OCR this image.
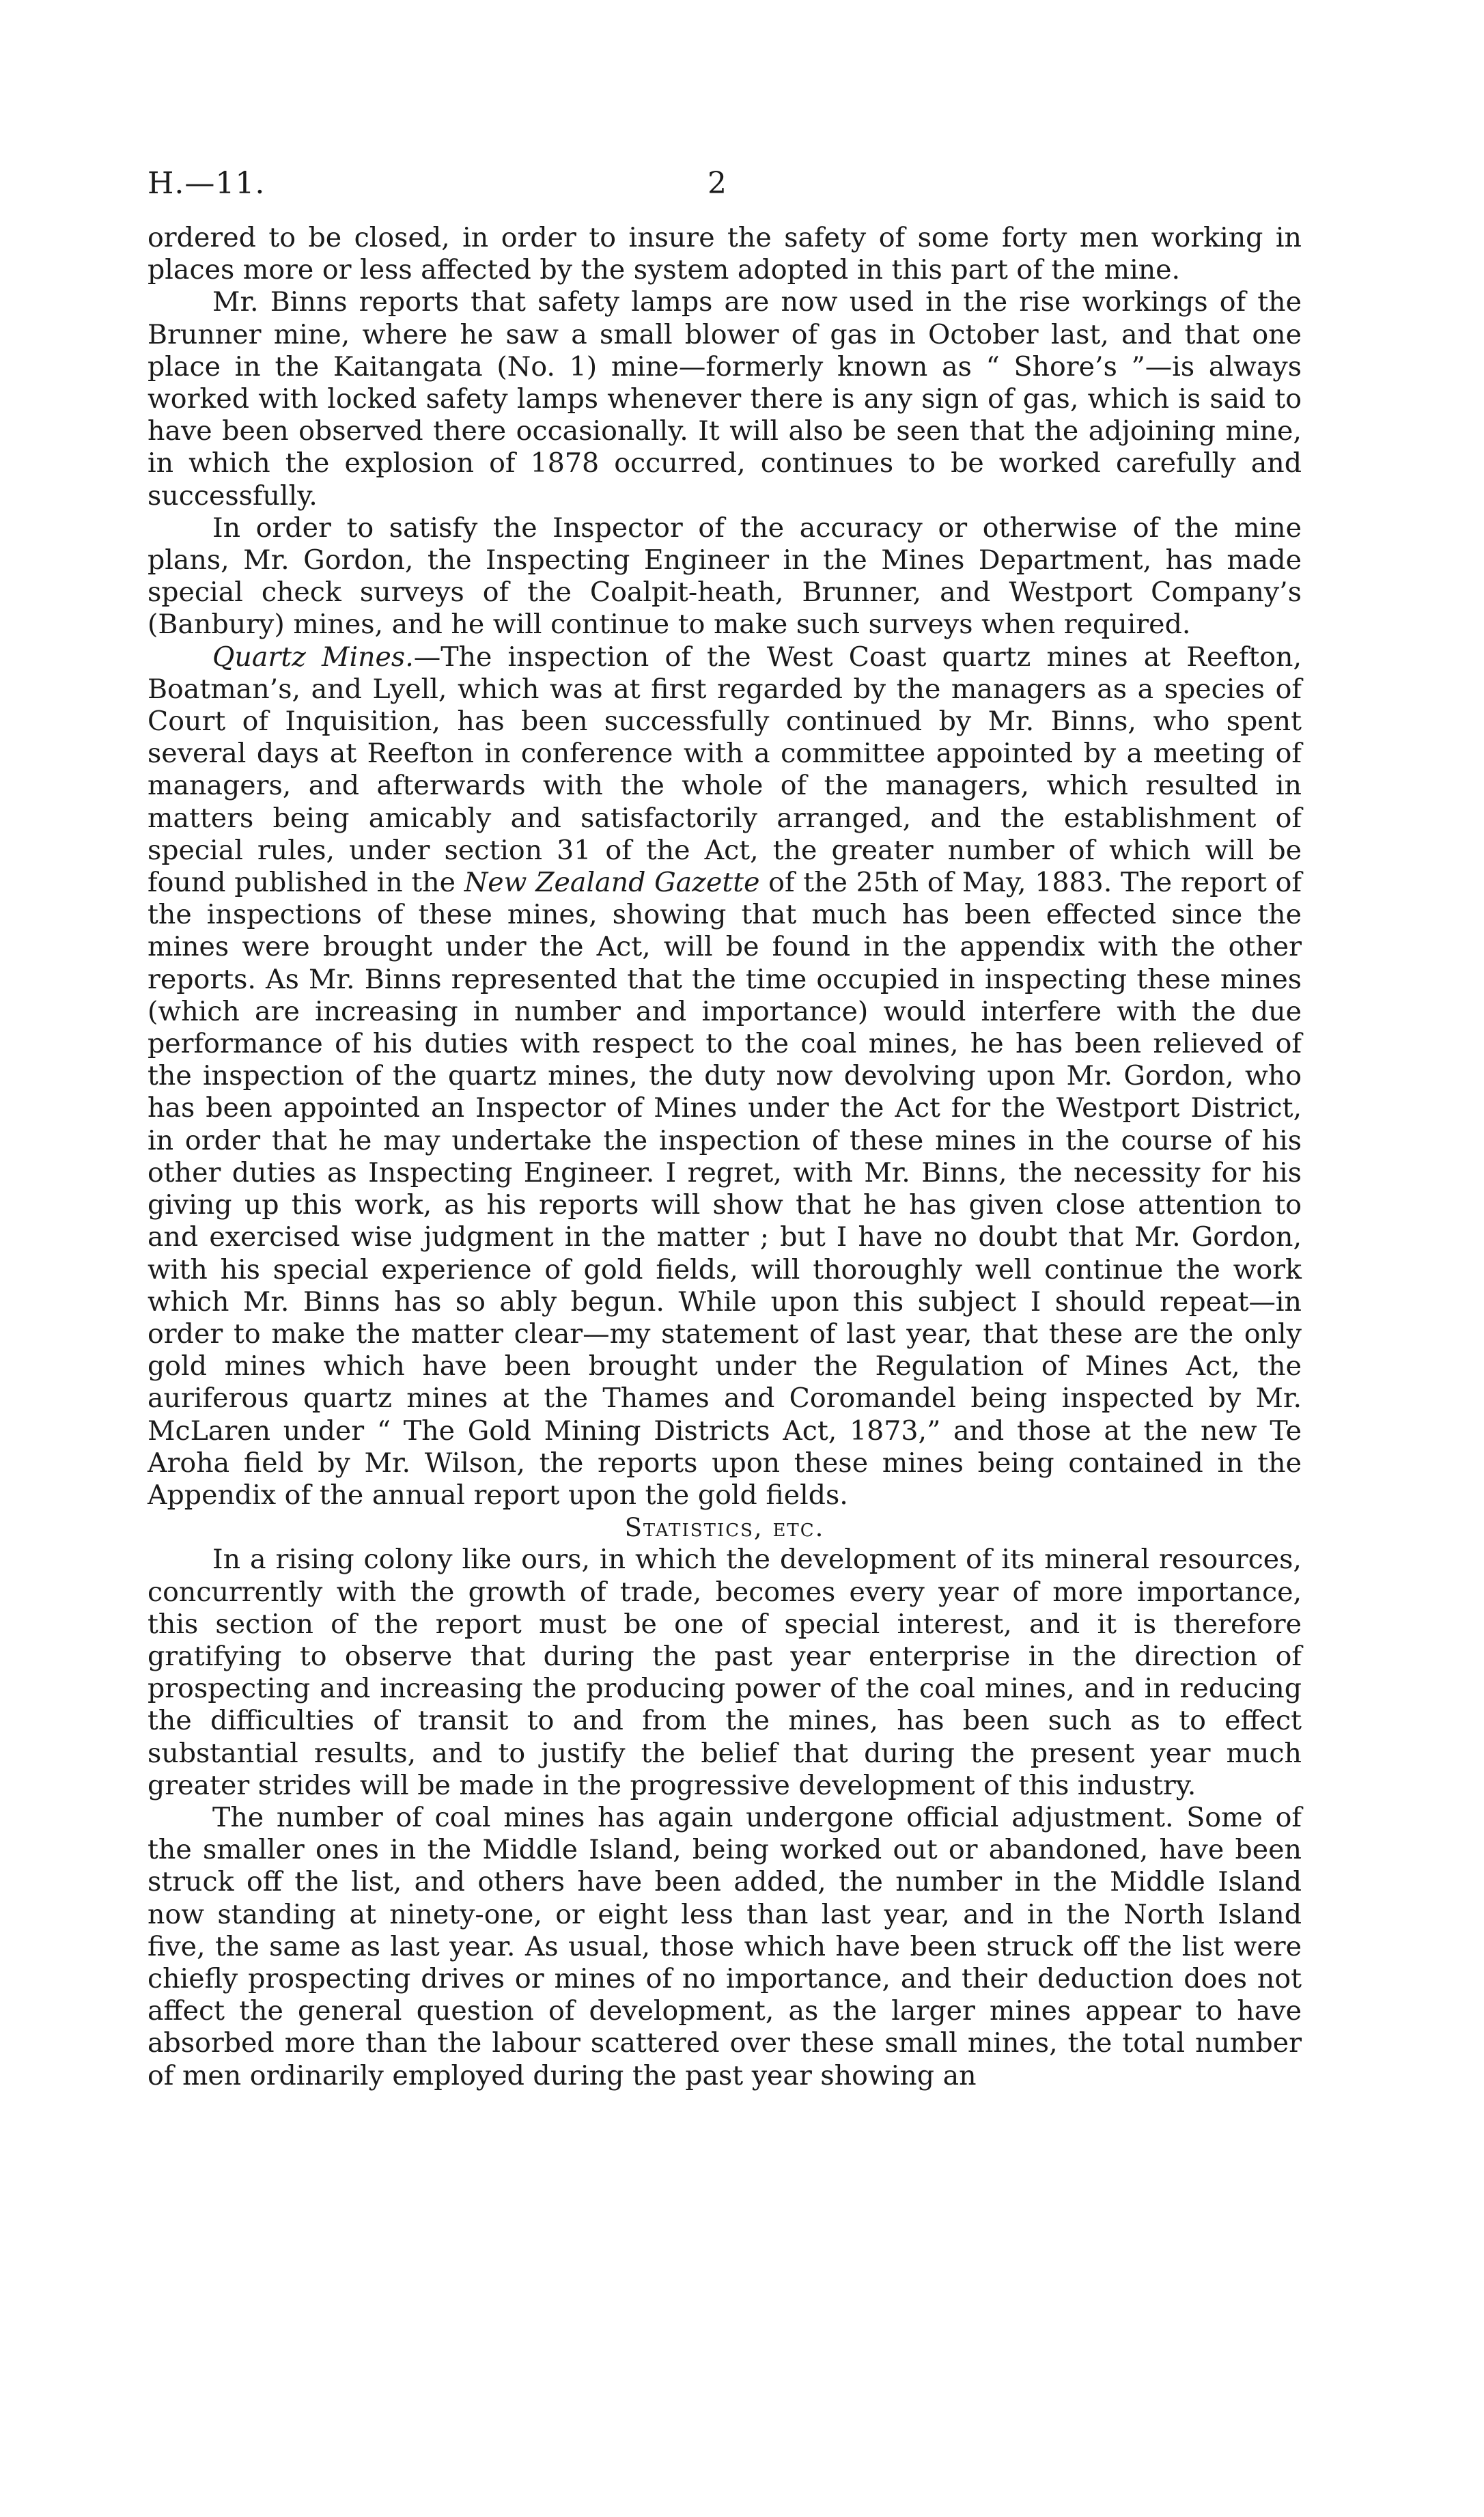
H.—11.	2

ordered to be closed, in order to insure the safety of some forty men working in places more or less affected by the system adopted in this part of the mine.

Mr. Binns reports that safety lamps are now used in the rise workings of the Brunner mine, where he saw a small blower of gas in October last, and that one place in the Kaitangata (No. 1) mine—formerly known as “ Shore’s ”—is always worked with locked safety lamps whenever there is any sign of gas, which is said to have been observed there occasionally. It will also be seen that the adjoining mine, in which the explosion of 1878 occurred, continues to be worked carefully and successfully.

In order to satisfy the Inspector of the accuracy or otherwise of the mine plans, Mr. Gordon, the Inspecting Engineer in the Mines Department, has made special check surveys of the Coalpit-heath, Brunner, and Westport Company’s (Banbury) mines, and he will continue to make such surveys when required.

Quartz Mines.—The inspection of the West Coast quartz mines at Reefton, Boatman’s, and Lyell, which was at first regarded by the managers as a species of Court of Inquisition, has been successfully continued by Mr. Binns, who spent several days at Reefton in conference with a committee appointed by a meeting of managers, and afterwards with the whole of the managers, which resulted in matters being amicably and satisfactorily arranged, and the establishment of special rules, under section 31 of the Act, the greater number of which will be found published in the New Zealand Gazette of the 25th of May, 1883. The report of the inspections of these mines, showing that much has been effected since the mines were brought under the Act, will be found in the appendix with the other reports. As Mr. Binns represented that the time occupied in inspecting these mines (which are increasing in number and importance) would interfere with the due performance of his duties with respect to the coal mines, he has been relieved of the inspection of the quartz mines, the duty now devolving upon Mr. Gordon, who has been appointed an Inspector of Mines under the Act for the Westport District, in order that he may undertake the inspection of these mines in the course of his other duties as Inspecting Engineer. I regret, with Mr. Binns, the necessity for his giving up this work, as his reports will show that he has given close attention to and exercised wise judgment in the matter ; but I have no doubt that Mr. Gordon, with his special experience of gold fields, will thoroughly well continue the work which Mr. Binns has so ably begun. While upon this subject I should repeat—in order to make the matter clear—my statement of last year, that these are the only gold mines which have been brought under the Regulation of Mines Act, the auriferous quartz mines at the Thames and Coromandel being inspected by Mr. McLaren under “ The Gold Mining Districts Act, 1873,” and those at the new Te Aroha field by Mr. Wilson, the reports upon these mines being contained in the Appendix of the annual report upon the gold fields.

Statistics, etc.

In a rising colony like ours, in which the development of its mineral resources, concurrently with the growth of trade, becomes every year of more importance, this section of the report must be one of special interest, and it is therefore gratifying to observe that during the past year enterprise in the direction of prospecting and increasing the producing power of the coal mines, and in reducing the difficulties of transit to and from the mines, has been such as to effect substantial results, and to justify the belief that during the present year much greater strides will be made in the progressive development of this industry.

The number of coal mines has again undergone official adjustment. Some of the smaller ones in the Middle Island, being worked out or abandoned, have been struck off the list, and others have been added, the number in the Middle Island now standing at ninety-one, or eight less than last year, and in the North Island five, the same as last year. As usual, those which have been struck off the list were chiefly prospecting drives or mines of no importance, and their deduction does not affect the general question of development, as the larger mines appear to have absorbed more than the labour scattered over these small mines, the total number of men ordinarily employed during the past year showing an
